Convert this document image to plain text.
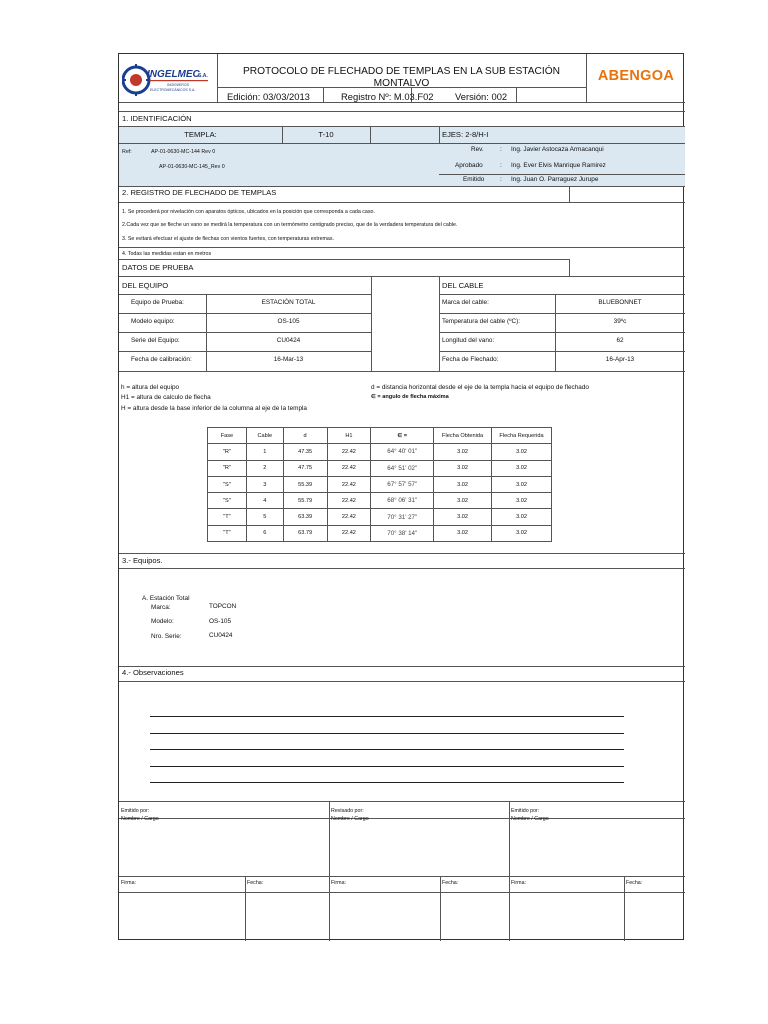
INGELMEC
S.A.
INGENIEROS
ELECTROMECÁNICOS S.A.
PROTOCOLO DE FLECHADO DE TEMPLAS EN LA SUB ESTACIÓN
MONTALVO
Edición: 03/03/2013	Registro Nº: M.03.F02 Versión: 002
ABENGOA
1. IDENTIFICACIÓN
TEMPLA:	T-10	EJES: 2-8/H-I
Ref:	AP-01-0630-MC-144 Rev 0
AP-01-0630-MC-145_Rev 0
Rev.	: Ing. Javier Astocaza Armacanqui
Aprobado	: Ing. Ever Elvis Manrique Ramirez
Emitido : Ing. Juan O. Parraguez Jurupe
2. REGISTRO DE FLECHADO DE TEMPLAS
1. Se procederá por nivelación con aparatos ópticos, ubicados en la posición que corresponda a cada caso.
2.Cada vez que se fleche un vano se medirá la temperatura con un termómetro centigrado preciso, que de la verdadera temperatura del cable.
3. Se evitará efectuar el ajuste de flechas con vientos fuertes, con temperaturas extremas.
4. Todas las medidas estan en metros
DATOS DE PRUEBA
DEL EQUIPO	DEL CABLE
Equipo de Prueba:	ESTACIÓN TOTAL
Modelo equipo:	OS-105
Serie del Equipo:	CU0424
Fecha de calibración:	16-Mar-13
Marca del cable:	BLUEBONNET
Temperatura del cable (ºC):	39ºc
Longitud del vano:	62
Fecha de Flechado:	16-Apr-13
h = altura del equipo
H1 = altura de calculo de flecha
H = altura desde la base inferior de la columna al eje de la templa
d = distancia horizontal desde el eje de la templa hacia el equipo de flechado
∈ = angulo de flecha máxima
Fase	Cable	d	H1	∈ =	Flecha Obtenida	Flecha Requerida
"R"	1	47.35	22.42	64° 40' 01"	3.02	3.02
"R"	2	47.75	22.42	64° 51' 02"	3.02	3.02
"S"	3	55.39	22.42	67° 57' 57"	3.02	3.02
"S"	4	55.79	22.42	68° 06' 31"	3.02	3.02
"T"	5	63.39	22.42	70° 31' 27"	3.02	3.02
"T"	6	63.79	22.42	70° 38' 14"	3.02	3.02
3.- Equipos.
A. Estación Total
Marca:	TOPCON
Modelo:	OS-105
Nro. Serie:	CU0424
4.- Observaciones
Emitido por:
Nombre / Cargo
Revisado por:
Nombre / Cargo
Emitido por:
Nombre / Cargo
Firma:	Fecha:	Firma:	Fecha:	Firma:	Fecha:
